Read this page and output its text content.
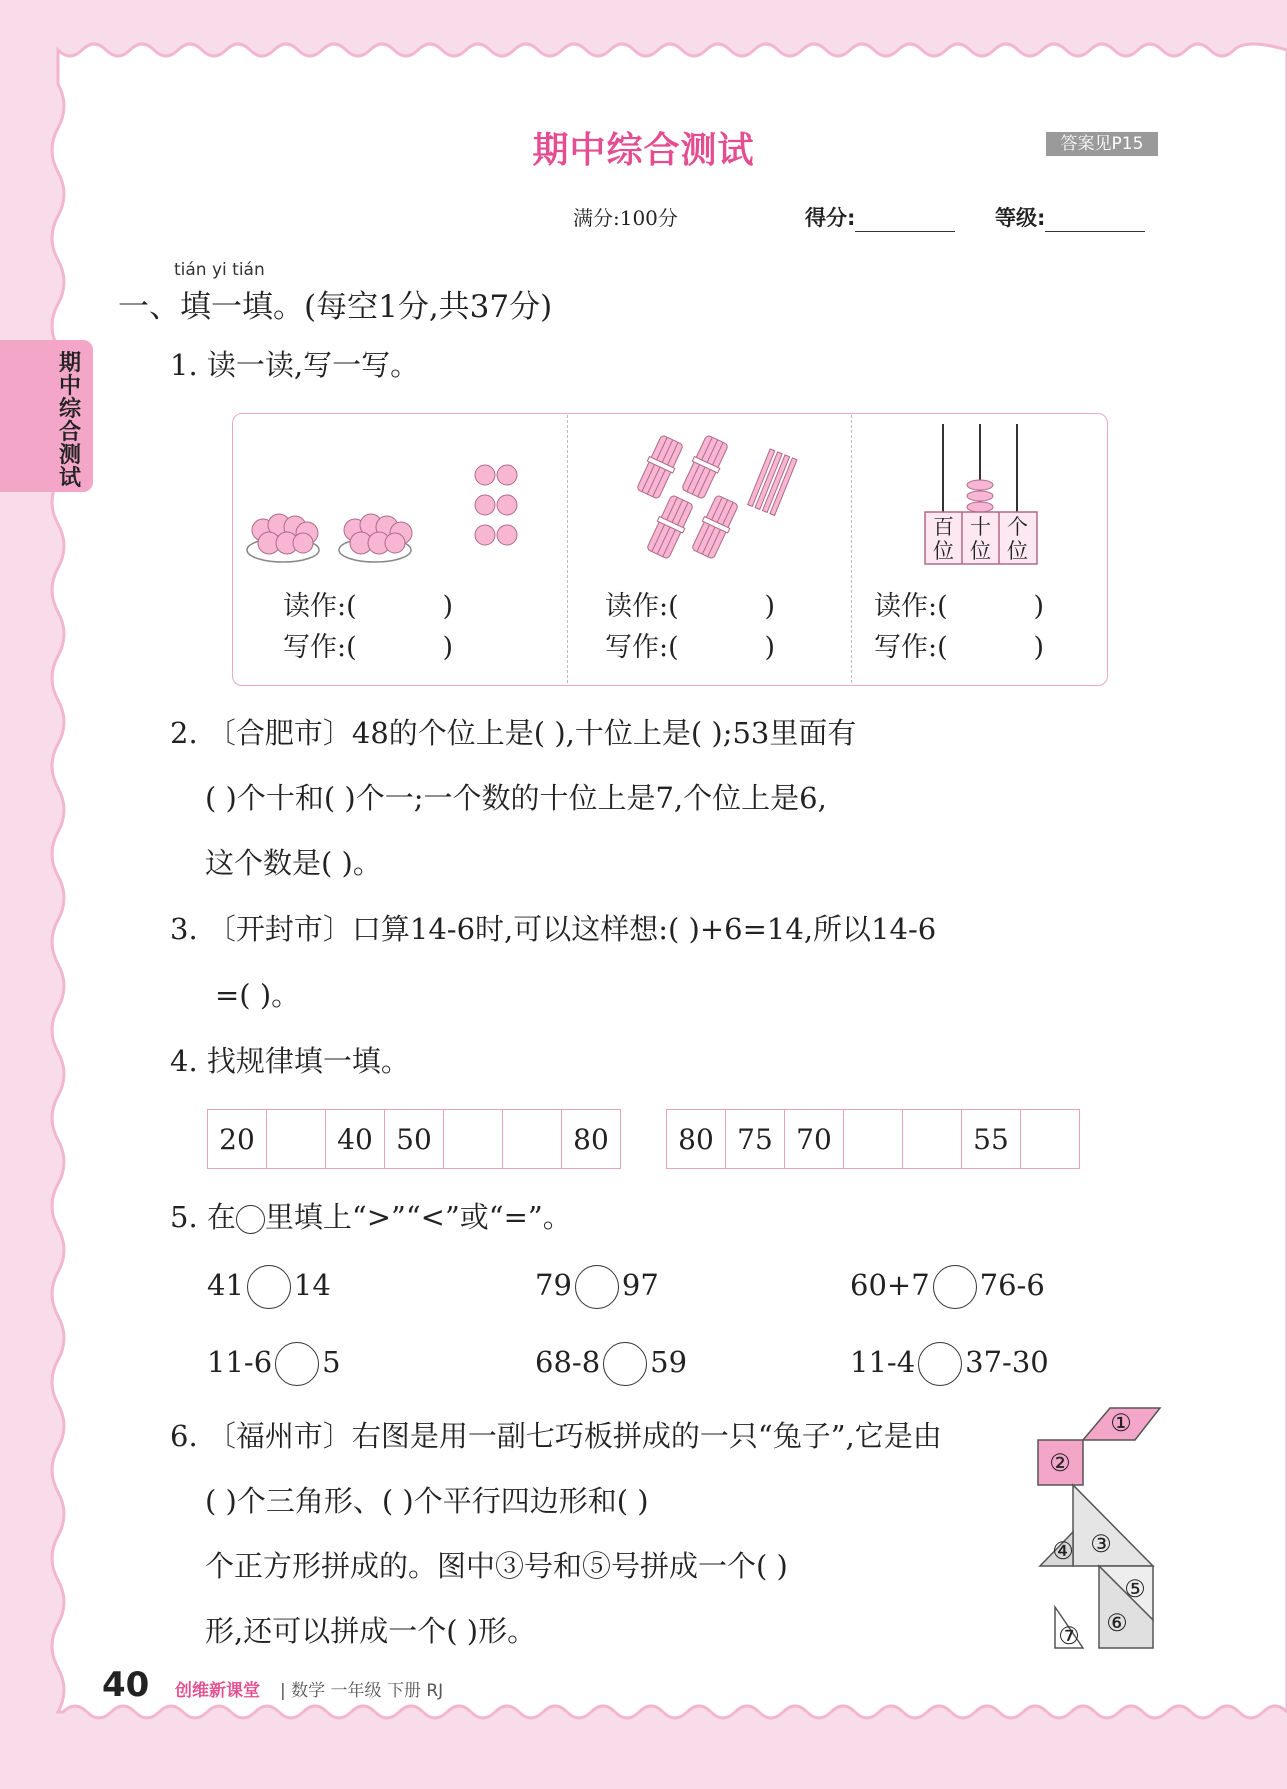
期中综合测试	答案见P15
满分:100分	得分:	等级:
期中综合测试
tián yi tián
一、填一填。(每空1分,共37分)
1. 读一读,写一写。
百位
十位
个位
读作:(          )
写作:(          )
读作:(          )
写作:(          )
读作:(          )
写作:(          )
2. 〔合肥市〕48的个位上是( ),十位上是( );53里面有
( )个十和( )个一;一个数的十位上是7,个位上是6,
这个数是( )。
3. 〔开封市〕口算14-6时,可以这样想:( )+6=14,所以14-6
=( )。
4. 找规律填一填。
20		40	50			80 80	75	70			55	
5. 在 里填上“>”“<”或“=”。
41 14	79 97	60+7 76-6
11-6 5	68-8 59	11-4 37-30
6. 〔福州市〕右图是用一副七巧板拼成的一只“兔子”,它是由
( )个三角形、( )个平行四边形和( )
个正方形拼成的。图中③号和⑤号拼成一个( )
形,还可以拼成一个( )形。
①
②
③
④
⑤
⑥
⑦
40 创维新课堂 | 数学 一年级 下册 RJ
